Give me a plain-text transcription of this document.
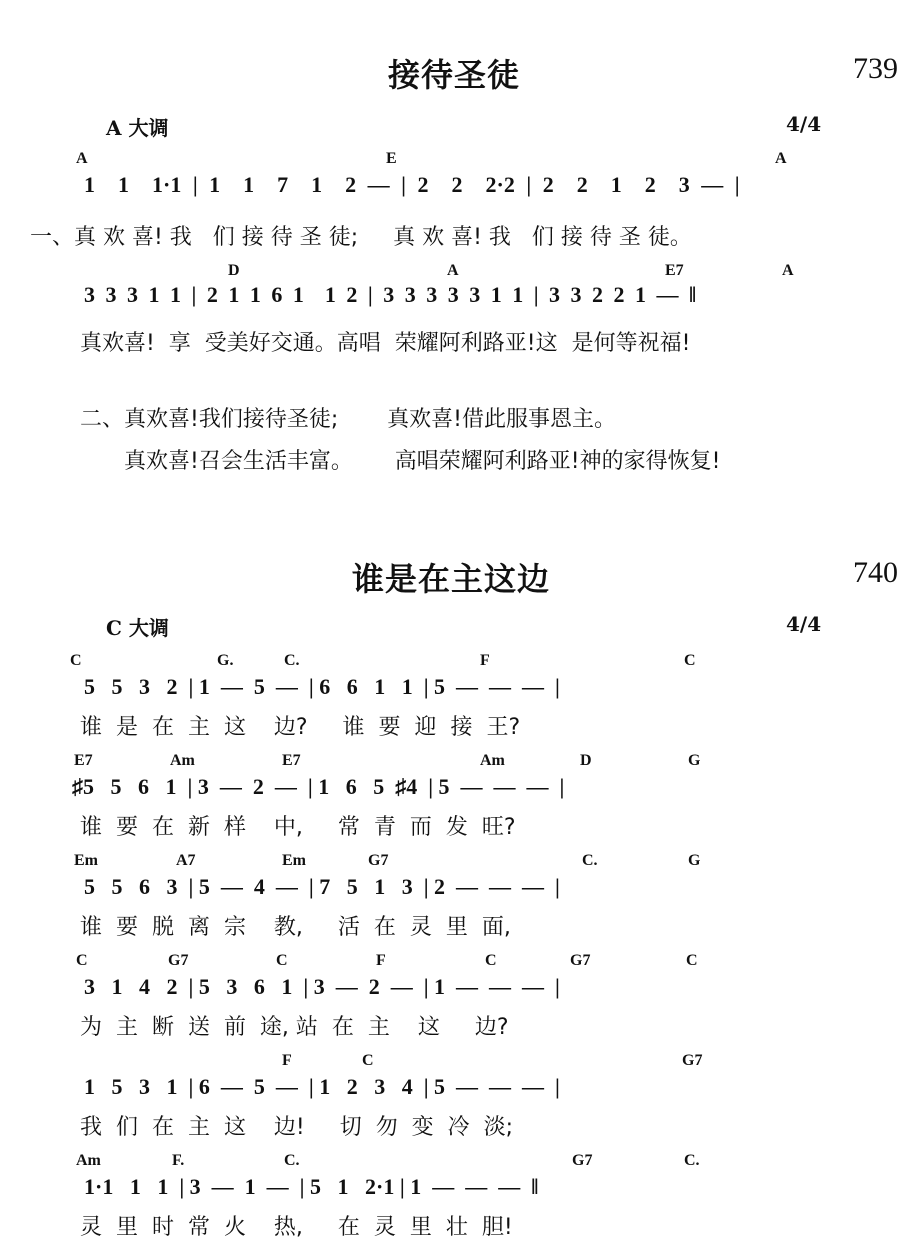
接待圣徒	739
A 大调	4/4
A	E	A
1  1  1·1 | 1  1  7  1  2 — | 2  2  2·2 | 2  2  1  2  3 — |
一、真 欢 喜! 我   们 接 待 圣 徒;     真 欢 喜! 我   们 接 待 圣 徒。
D	A	E7	A
3 3 3 1 1 | 2 1 1 6 1  1 2 | 3 3 3 3 3 1 1 | 3 3 2 2 1 — ‖
真欢喜!  享  受美好交通。高唱  荣耀阿利路亚!这  是何等祝福!
二、真欢喜!我们接待圣徒;       真欢喜!借此服事恩主。
真欢喜!召会生活丰富。      高唱荣耀阿利路亚!神的家得恢复!
谁是在主这边	740
C 大调	4/4
C	G.	C.	F	C
5   5   3   2  | 1  —  5  —  | 6   6   1   1  | 5  —  —  —  |
谁  是  在  主  这    边?     谁  要  迎  接  王?
E7	Am	E7	Am	D	G
♯5   5   6   1  | 3  —  2  —  | 1   6   5  ♯4  | 5  —  —  —  |
谁  要  在  新  样    中,     常  青  而  发  旺?
Em	A7	Em	G7	C.	G
5   5   6   3  | 5  —  4  —  | 7   5   1   3  | 2  —  —  —  |
谁  要  脱  离  宗    教,     活  在  灵  里  面,
C	G7	C	F	C	G7	C
3   1   4   2  | 5   3   6   1  | 3  —  2  —  | 1  —  —  —  |
为  主  断  送  前  途, 站  在  主    这     边?
F	C	G7
1   5   3   1  | 6  —  5  —  | 1   2   3   4  | 5  —  —  —  |
我  们  在  主  这    边!     切  勿  变  冷  淡;
Am	F.	C.	G7	C.
1·1   1   1  | 3  —  1  —  | 5   1   2·1 | 1  —  —  —  ‖
灵  里  时  常  火    热,     在  灵  里  壮  胆!
